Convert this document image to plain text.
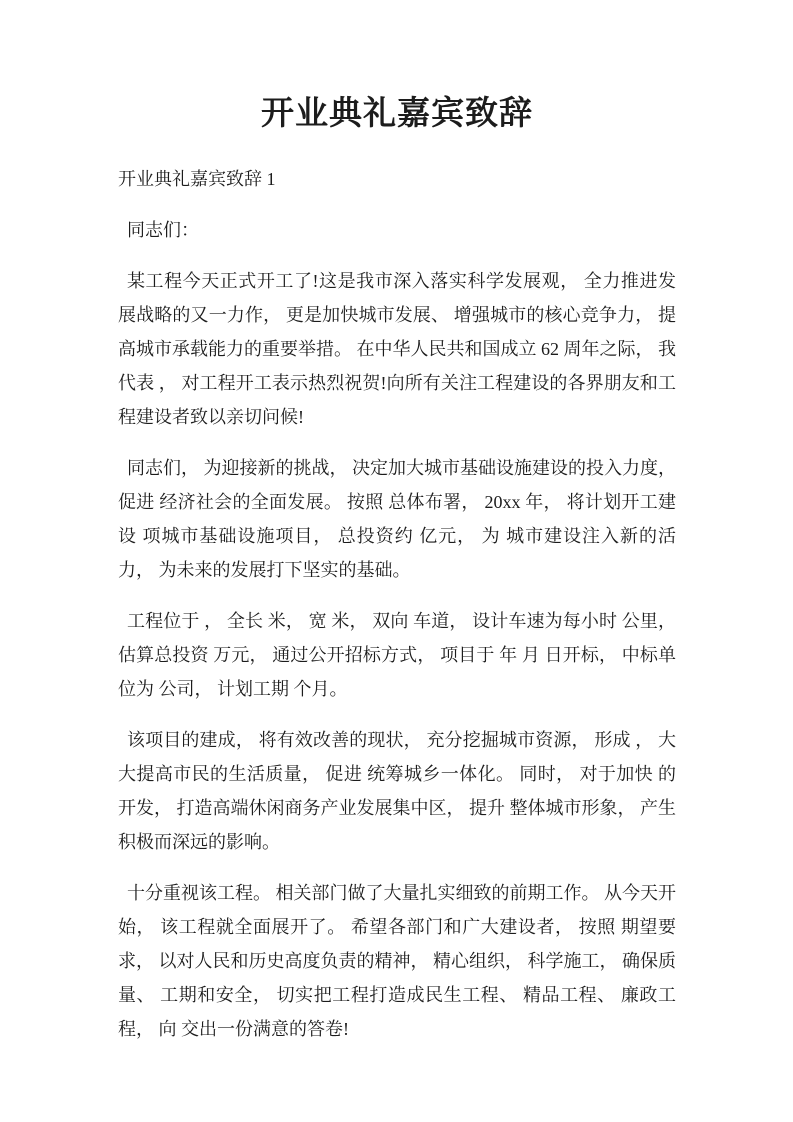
开业典礼嘉宾致辞

开业典礼嘉宾致辞 1

同志们：

某工程今天正式开工了!这是我市深入落实科学发展观， 全力推进发展战略的又一力作， 更是加快城市发展、 增强城市的核心竞争力， 提高城市承载能力的重要举措。 在中华人民共和国成立 62 周年之际， 我代表 ， 对工程开工表示热烈祝贺!向所有关注工程建设的各界朋友和工程建设者致以亲切问候!

同志们， 为迎接新的挑战， 决定加大城市基础设施建设的投入力度， 促进 经济社会的全面发展。 按照 总体布署， 20xx 年， 将计划开工建设 项城市基础设施项目， 总投资约 亿元， 为 城市建设注入新的活力， 为未来的发展打下坚实的基础。

工程位于 ， 全长 米， 宽 米， 双向 车道， 设计车速为每小时 公里， 估算总投资 万元， 通过公开招标方式， 项目于 年 月 日开标， 中标单位为 公司， 计划工期 个月。

该项目的建成， 将有效改善的现状， 充分挖掘城市资源， 形成 ， 大大提高市民的生活质量， 促进 统筹城乡一体化。 同时， 对于加快 的开发， 打造高端休闲商务产业发展集中区， 提升 整体城市形象， 产生积极而深远的影响。

十分重视该工程。 相关部门做了大量扎实细致的前期工作。 从今天开始， 该工程就全面展开了。 希望各部门和广大建设者， 按照 期望要求， 以对人民和历史高度负责的精神， 精心组织， 科学施工， 确保质量、 工期和安全， 切实把工程打造成民生工程、 精品工程、 廉政工程， 向 交出一份满意的答卷!
